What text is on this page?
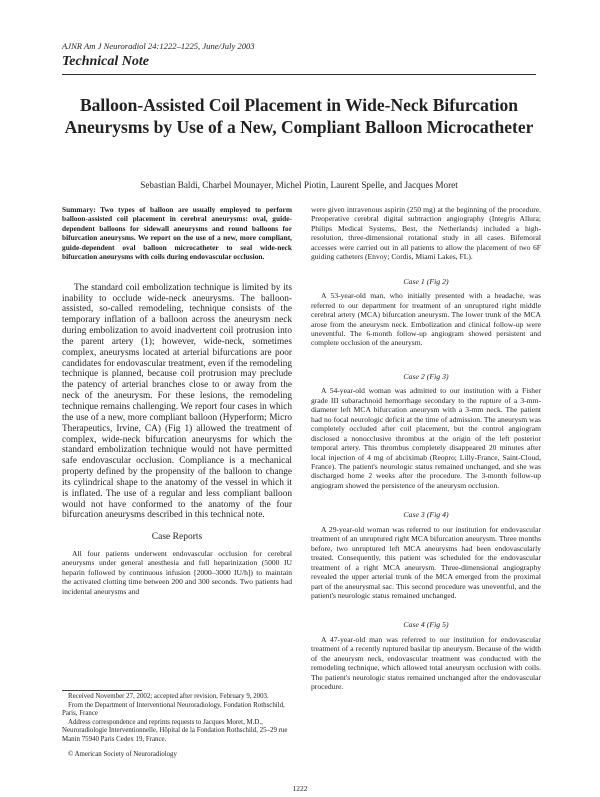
AJNR Am J Neuroradiol 24:1222–1225, June/July 2003
Technical Note
Balloon-Assisted Coil Placement in Wide-Neck Bifurcation Aneurysms by Use of a New, Compliant Balloon Microcatheter
Sebastian Baldi, Charbel Mounayer, Michel Piotin, Laurent Spelle, and Jacques Moret
Summary: Two types of balloon are usually employed to perform balloon-assisted coil placement in cerebral aneurysms: oval, guide-dependent balloons for sidewall aneurysms and round balloons for bifurcation aneurysms. We report on the use of a new, more compliant, guide-dependent oval balloon microcatheter to seal wide-neck bifurcation aneurysms with coils during endovascular occlusion.

The standard coil embolization technique is limited by its inability to occlude wide-neck aneurysms. The balloon-assisted, so-called remodeling, technique consists of the temporary inflation of a balloon across the aneurysm neck during embolization to avoid inadvertent coil protrusion into the parent artery (1); however, wide-neck, sometimes complex, aneurysms located at arterial bifurcations are poor candidates for endovascular treatment, even if the remodeling technique is planned, because coil protrusion may preclude the patency of arterial branches close to or away from the neck of the aneurysm. For these lesions, the remodeling technique remains challenging. We report four cases in which the use of a new, more compliant balloon (Hyperform; Micro Therapeutics, Irvine, CA) (Fig 1) allowed the treatment of complex, wide-neck bifurcation aneurysms for which the standard embolization technique would not have permitted safe endovascular occlusion. Compliance is a mechanical property defined by the propensity of the balloon to change its cylindrical shape to the anatomy of the vessel in which it is inflated. The use of a regular and less compliant balloon would not have conformed to the anatomy of the four bifurcation aneurysms described in this technical note.

Case Reports

All four patients underwent endovascular occlusion for cerebral aneurysms under general anesthesia and full heparinization (5000 IU heparin followed by continuous infusion [2000–3000 IU/h]) to maintain the activated clotting time between 200 and 300 seconds. Two patients had incidental aneurysms and

were given intravenous aspirin (250 mg) at the beginning of the procedure. Preoperative cerebral digital subtraction angiography (Integris Allura; Philips Medical Systems, Best, the Netherlands) included a high-resolution, three-dimensional rotational study in all cases. Bifemoral accesses were carried out in all patients to allow the placement of two 6F guiding catheters (Envoy; Cordis, Miami Lakes, FL).

Case 1 (Fig 2)

A 53-year-old man, who initially presented with a headache, was referred to our department for treatment of an unruptured right middle cerebral artery (MCA) bifurcation aneurysm. The lower trunk of the MCA arose from the aneurysm neck. Embolization and clinical follow-up were uneventful. The 6-month follow-up angiogram showed persistent and complete occlusion of the aneurysm.

Case 2 (Fig 3)

A 54-year-old woman was admitted to our institution with a Fisher grade III subarachnoid hemorrhage secondary to the rupture of a 3-mm-diameter left MCA bifurcation aneurysm with a 3-mm neck. The patient had no focal neurologic deficit at the time of admission. The aneurysm was completely occluded after coil placement, but the control angiogram disclosed a nonocclusive thrombus at the origin of the left posterior temporal artery. This thrombus completely disappeared 20 minutes after local injection of 4 mg of abciximab (Reopro; Lilly-France, Saint-Cloud, France). The patient's neurologic status remained unchanged, and she was discharged home 2 weeks after the procedure. The 3-month follow-up angiogram showed the persistence of the aneurysm occlusion.

Case 3 (Fig 4)

A 29-year-old woman was referred to our institution for endovascular treatment of an unruptured right MCA bifurcation aneurysm. Three months before, two unruptured left MCA aneurysms had been endovascularly treated. Consequently, this patient was scheduled for the endovascular treatment of a right MCA aneurysm. Three-dimensional angiography revealed the upper arterial trunk of the MCA emerged from the proximal part of the aneurysmal sac. This second procedure was uneventful, and the patient's neurologic status remained unchanged.

Case 4 (Fig 5)

A 47-year-old man was referred to our institution for endovascular treatment of a recently ruptured basilar tip aneurysm. Because of the width of the aneurysm neck, endovascular treatment was conducted with the remodeling technique, which allowed total aneurysm occlusion with coils. The patient's neurologic status remained unchanged after the endovascular procedure.

Received November 27, 2002; accepted after revision, February 9, 2003.

From the Department of Interventional Neuroradiology, Fondation Rothschild, Paris, France

Address correspondence and reprints requests to Jacques Moret, M.D., Neuroradiologie Interventionnelle, Hôpital de la Fondation Rothschild, 25–29 rue Manin 75940 Paris Cedex 19, France.

© American Society of Neuroradiology

1222
